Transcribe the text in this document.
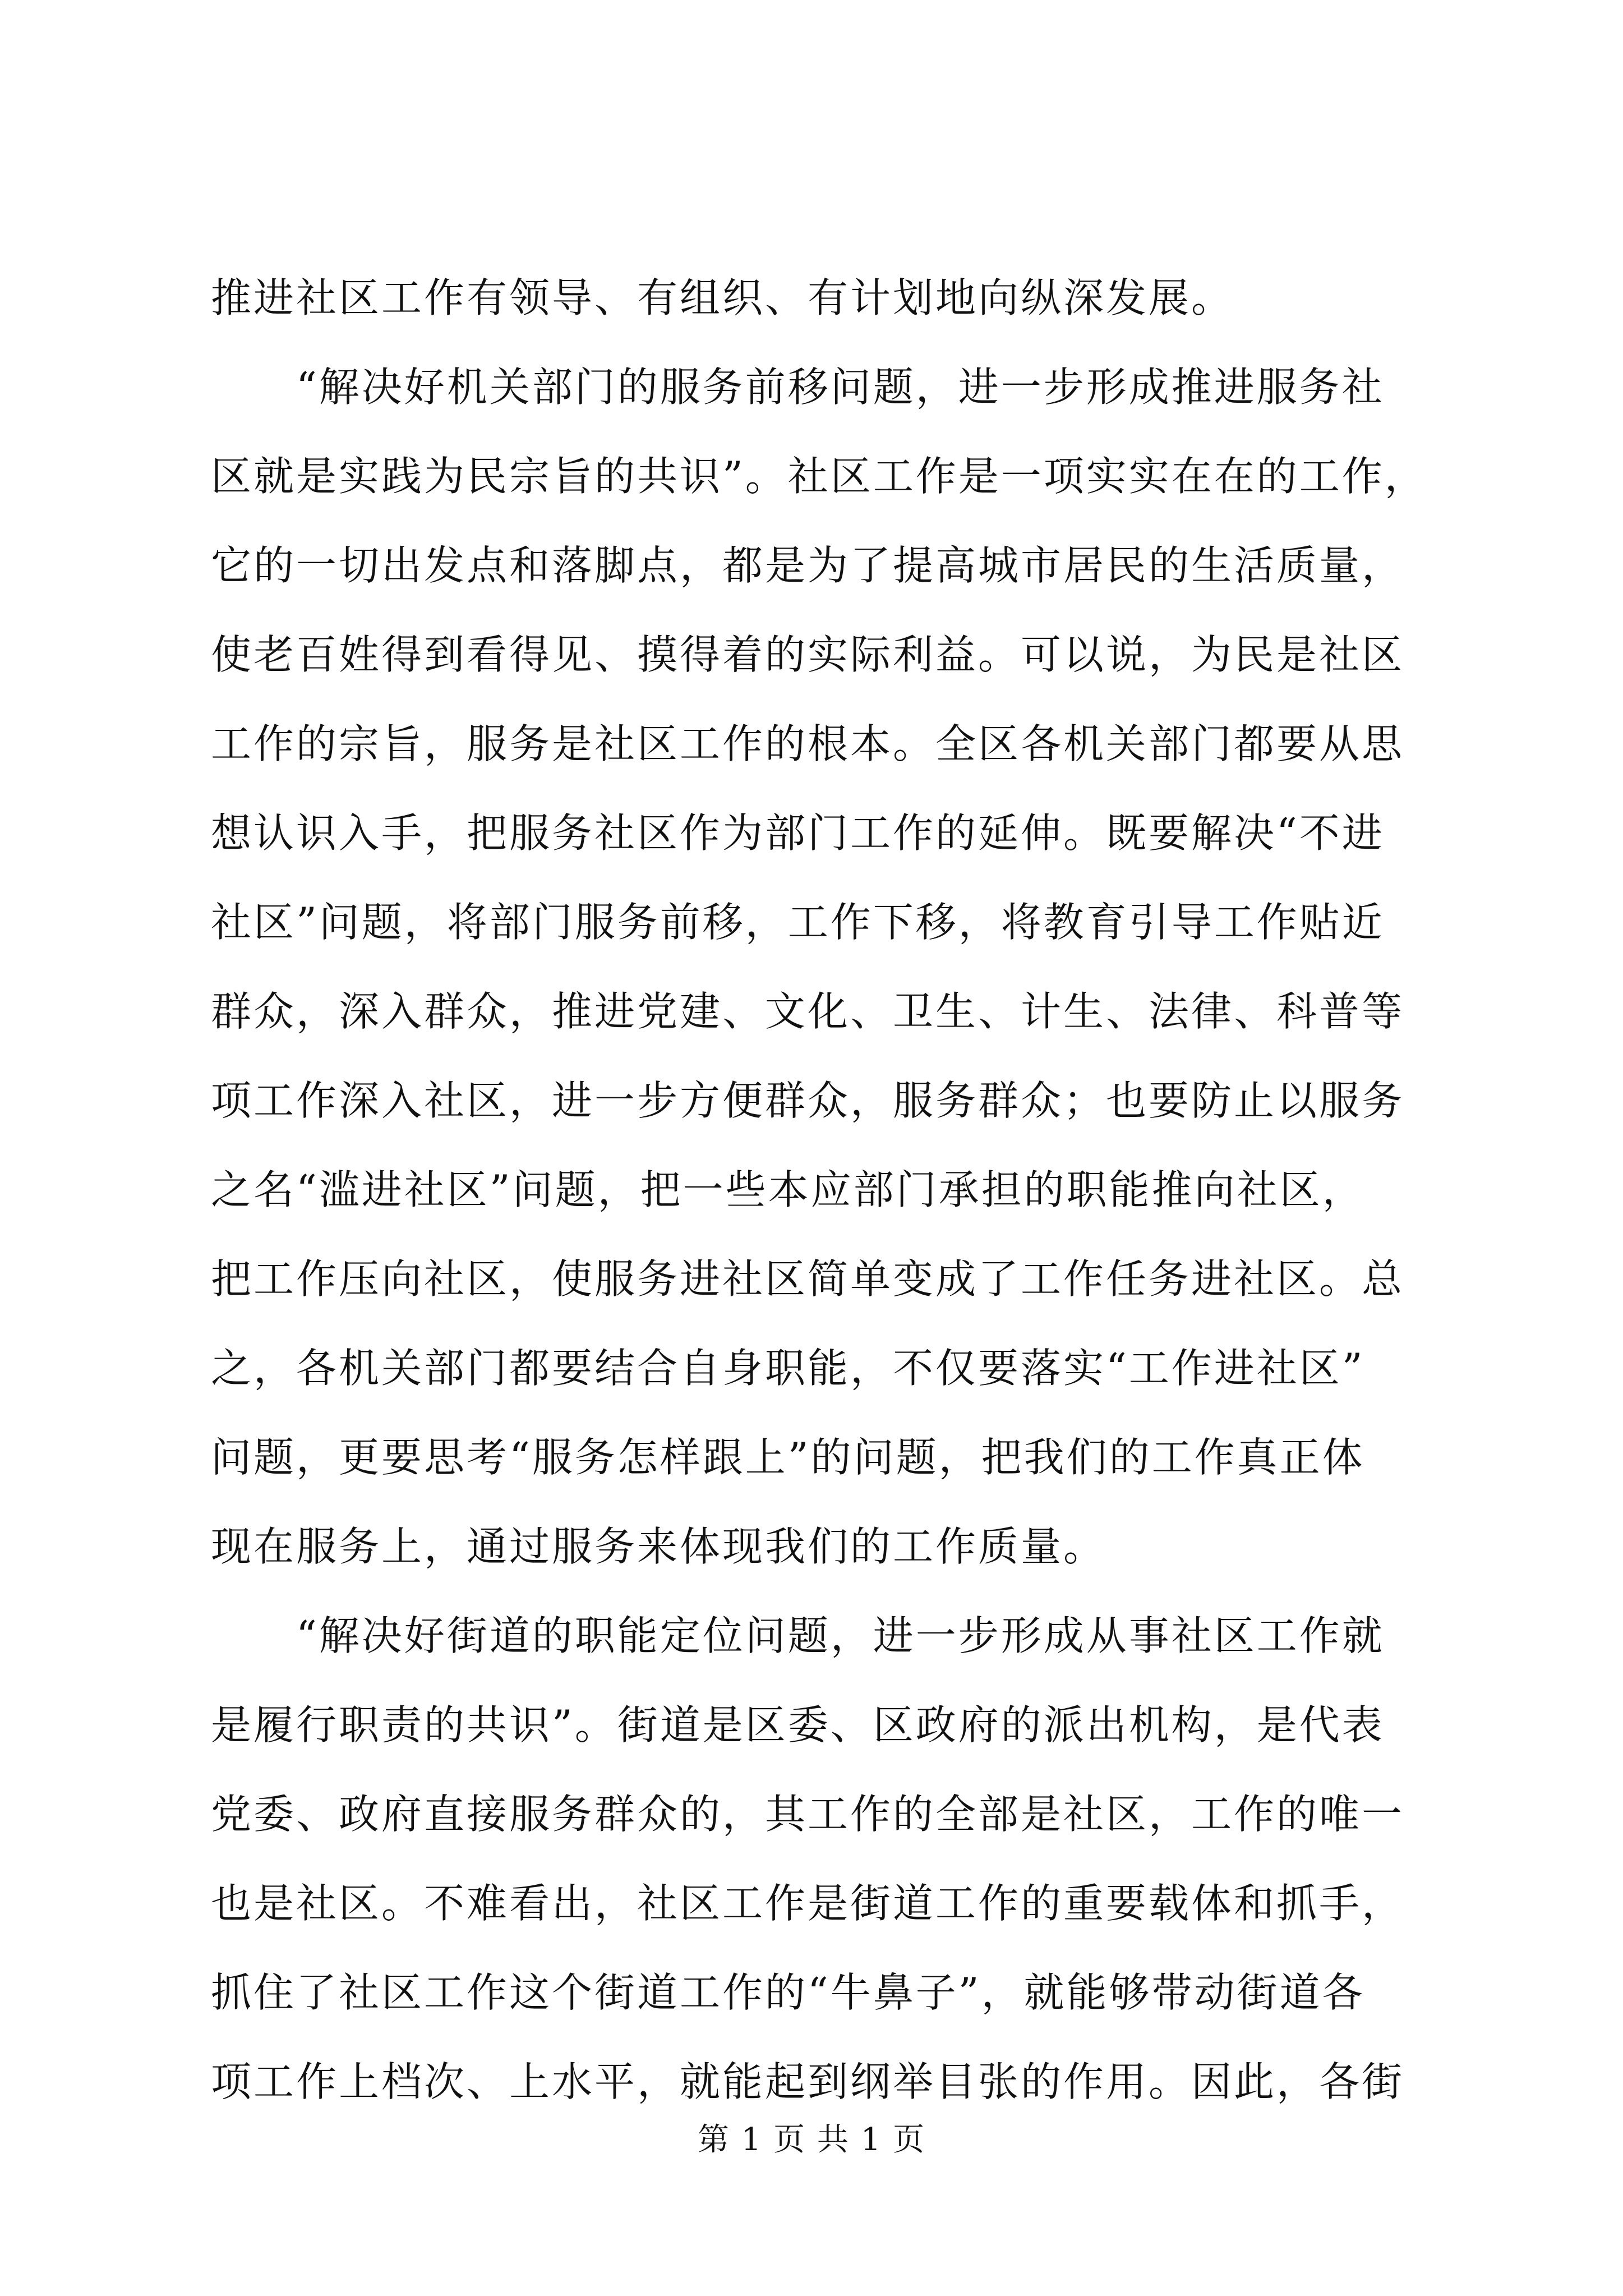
推进社区工作有领导、有组织、有计划地向纵深发展。
　　“解决好机关部门的服务前移问题，进一步形成推进服务社
区就是实践为民宗旨的共识”。社区工作是一项实实在在的工作，
它的一切出发点和落脚点，都是为了提高城市居民的生活质量，
使老百姓得到看得见、摸得着的实际利益。可以说，为民是社区
工作的宗旨，服务是社区工作的根本。全区各机关部门都要从思
想认识入手，把服务社区作为部门工作的延伸。既要解决“不进
社区”问题，将部门服务前移，工作下移，将教育引导工作贴近
群众，深入群众，推进党建、文化、卫生、计生、法律、科普等
项工作深入社区，进一步方便群众，服务群众；也要防止以服务
之名“滥进社区”问题，把一些本应部门承担的职能推向社区，
把工作压向社区，使服务进社区简单变成了工作任务进社区。总
之，各机关部门都要结合自身职能，不仅要落实“工作进社区”
问题，更要思考“服务怎样跟上”的问题，把我们的工作真正体
现在服务上，通过服务来体现我们的工作质量。
　　“解决好街道的职能定位问题，进一步形成从事社区工作就
是履行职责的共识”。街道是区委、区政府的派出机构，是代表
党委、政府直接服务群众的，其工作的全部是社区，工作的唯一
也是社区。不难看出，社区工作是街道工作的重要载体和抓手，
抓住了社区工作这个街道工作的“牛鼻子”，就能够带动街道各
项工作上档次、上水平，就能起到纲举目张的作用。因此，各街
第 1 页 共 1 页
